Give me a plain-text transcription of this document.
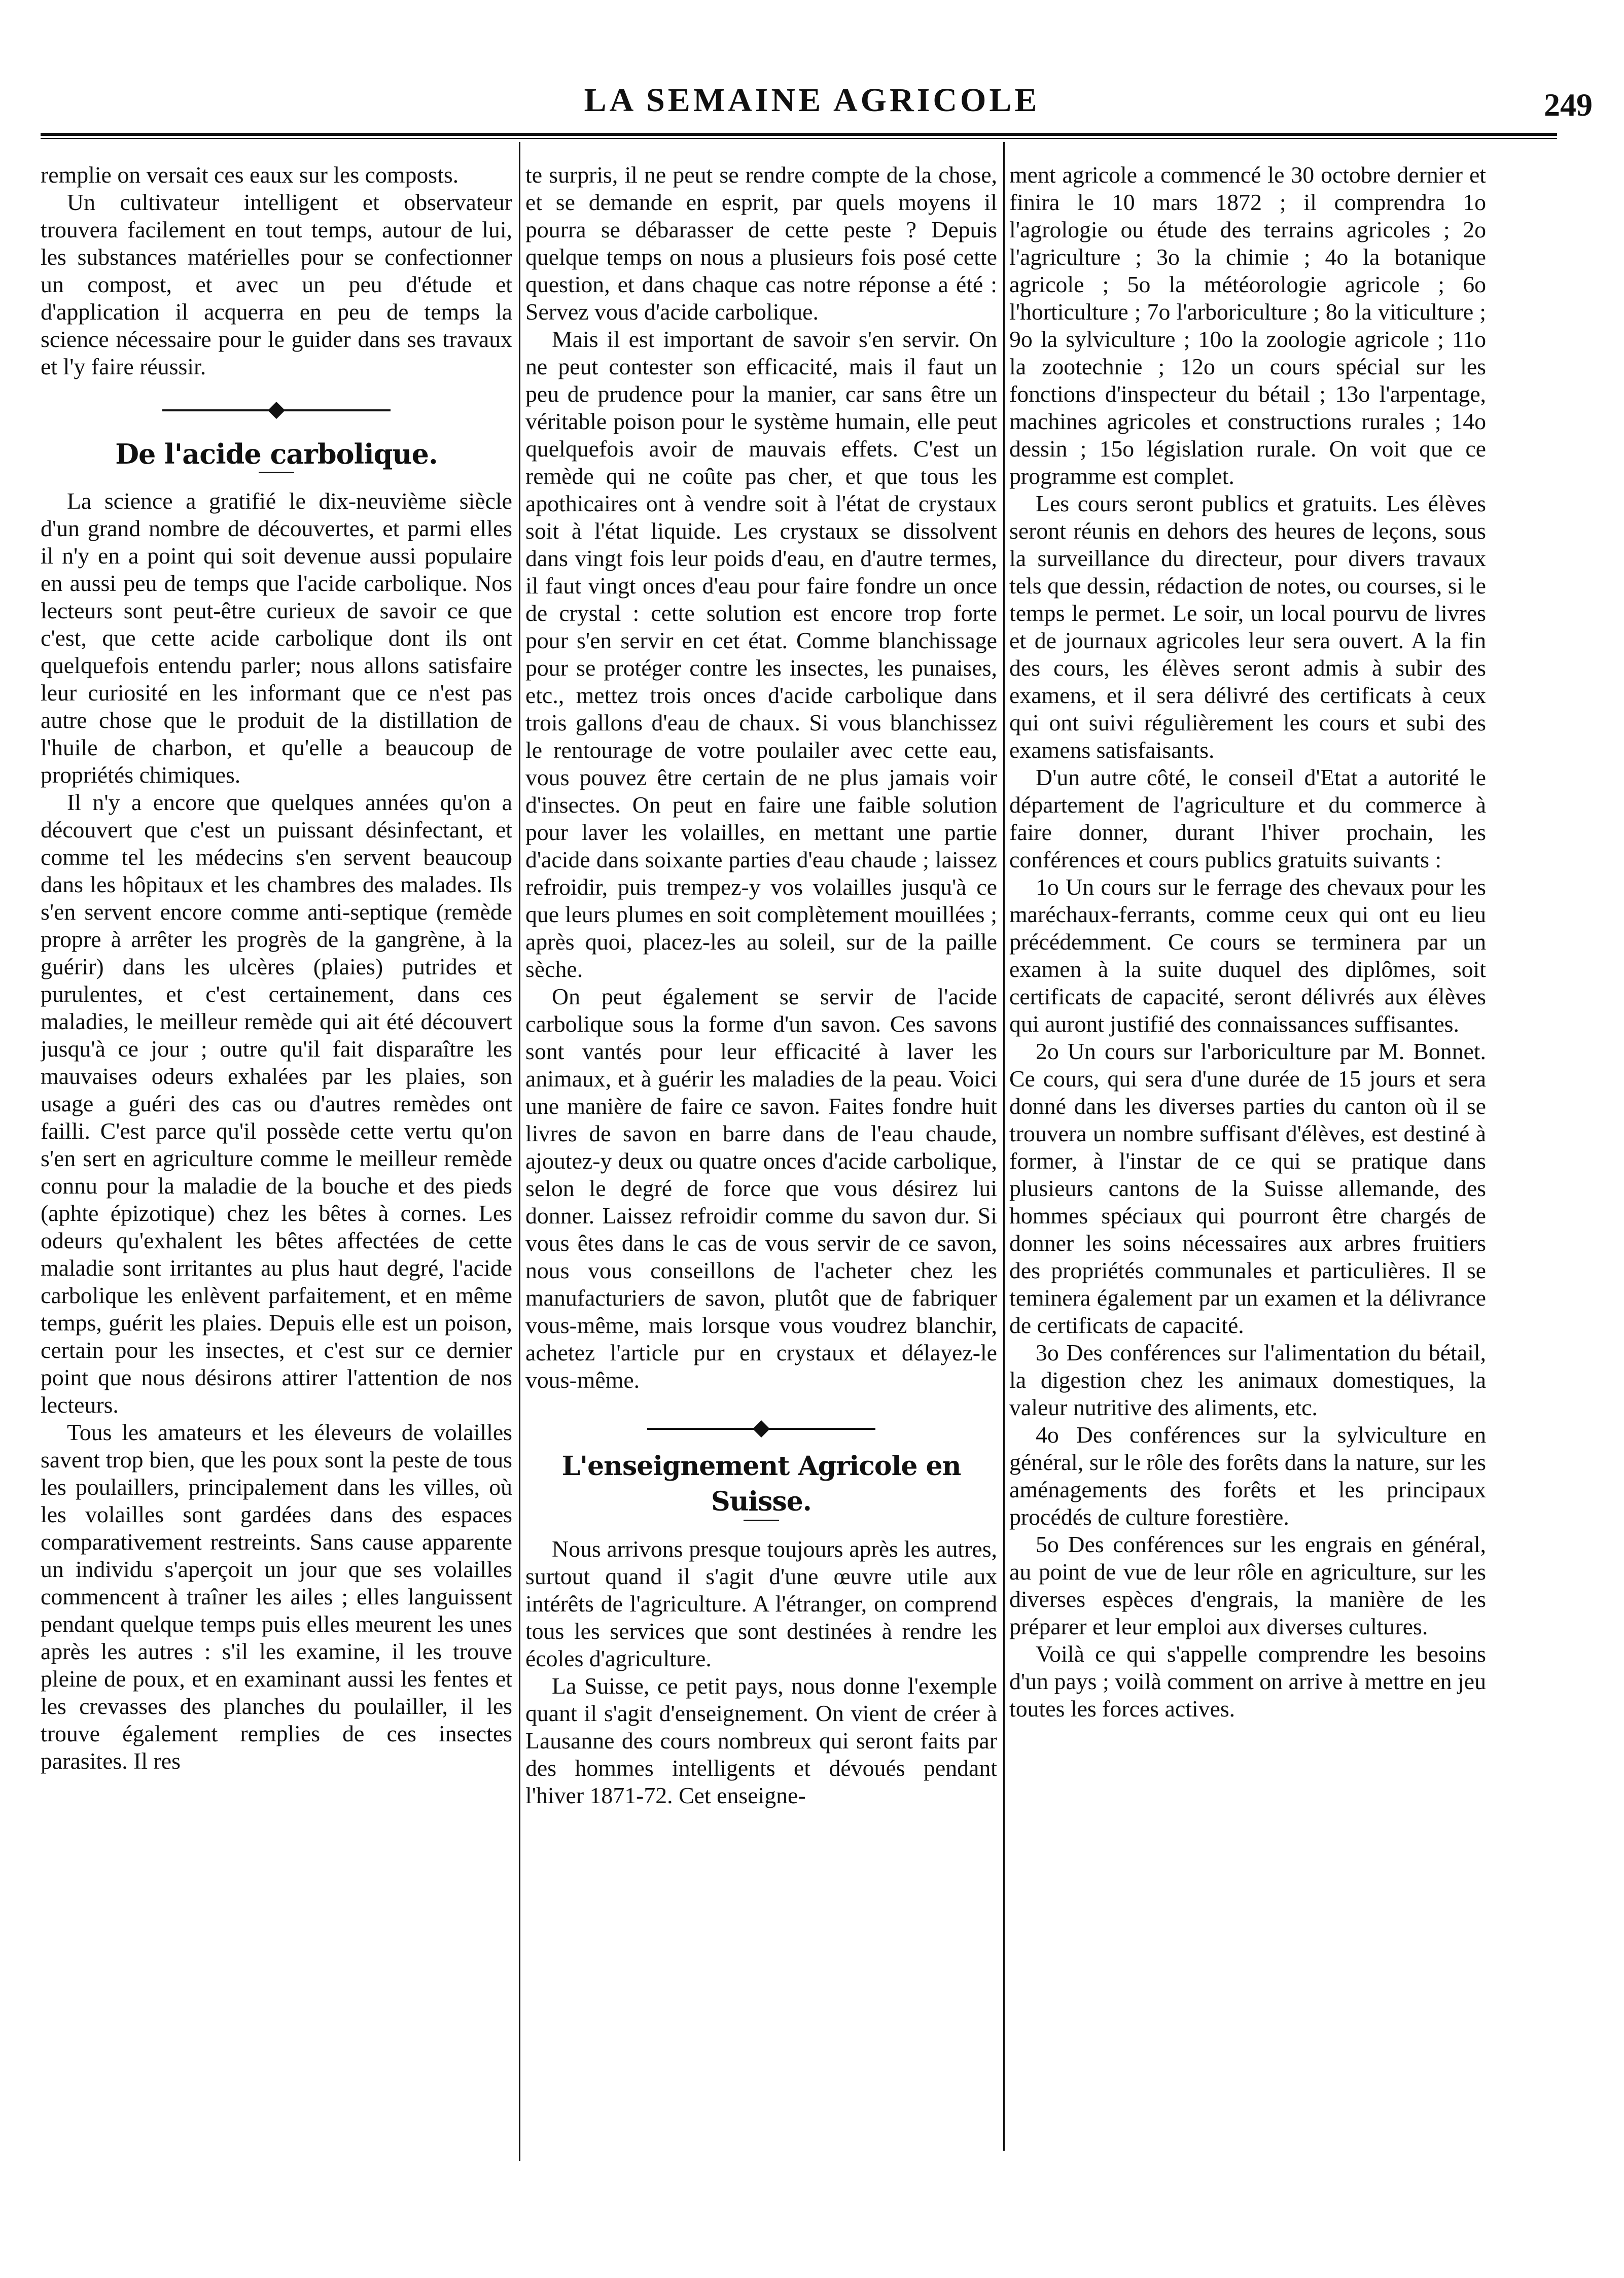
LA SEMAINE AGRICOLE	249

remplie on versait ces eaux sur les composts.

Un cultivateur intelligent et observateur trouvera facilement en tout temps, autour de lui, les substances matérielles pour se confectionner un compost, et avec un peu d'étude et d'application il acquerra en peu de temps la science nécessaire pour le guider dans ses travaux et l'y faire réussir.

De l'acide carbolique.

La science a gratifié le dix-neuvième siècle d'un grand nombre de découvertes, et parmi elles il n'y en a point qui soit devenue aussi populaire en aussi peu de temps que l'acide carbolique. Nos lecteurs sont peut-être curieux de savoir ce que c'est, que cette acide carbolique dont ils ont quelquefois entendu parler; nous allons satisfaire leur curiosité en les informant que ce n'est pas autre chose que le produit de la distillation de l'huile de charbon, et qu'elle a beaucoup de propriétés chimiques.

Il n'y a encore que quelques années qu'on a découvert que c'est un puissant désinfectant, et comme tel les médecins s'en servent beaucoup dans les hôpitaux et les chambres des malades. Ils s'en servent encore comme anti-septique (remède propre à arrêter les progrès de la gangrène, à la guérir) dans les ulcères (plaies) putrides et purulentes, et c'est certainement, dans ces maladies, le meilleur remède qui ait été découvert jusqu'à ce jour ; outre qu'il fait disparaître les mauvaises odeurs exhalées par les plaies, son usage a guéri des cas ou d'autres remèdes ont failli. C'est parce qu'il possède cette vertu qu'on s'en sert en agriculture comme le meilleur remède connu pour la maladie de la bouche et des pieds (aphte épizotique) chez les bêtes à cornes. Les odeurs qu'exhalent les bêtes affectées de cette maladie sont irritantes au plus haut degré, l'acide carbolique les enlèvent parfaitement, et en même temps, guérit les plaies. Depuis elle est un poison, certain pour les insectes, et c'est sur ce dernier point que nous désirons attirer l'attention de nos lecteurs.

Tous les amateurs et les éleveurs de volailles savent trop bien, que les poux sont la peste de tous les poulaillers, principalement dans les villes, où les volailles sont gardées dans des espaces comparativement restreints. Sans cause apparente un individu s'aperçoit un jour que ses volailles commencent à traîner les ailes ; elles languissent pendant quelque temps puis elles meurent les unes après les autres : s'il les examine, il les trouve pleine de poux, et en examinant aussi les fentes et les crevasses des planches du poulailler, il les trouve également remplies de ces insectes parasites. Il res

te surpris, il ne peut se rendre compte de la chose, et se demande en esprit, par quels moyens il pourra se débarasser de cette peste ? Depuis quelque temps on nous a plusieurs fois posé cette question, et dans chaque cas notre réponse a été : Servez vous d'acide carbolique.

Mais il est important de savoir s'en servir. On ne peut contester son efficacité, mais il faut un peu de prudence pour la manier, car sans être un véritable poison pour le système humain, elle peut quelquefois avoir de mauvais effets. C'est un remède qui ne coûte pas cher, et que tous les apothicaires ont à vendre soit à l'état de crystaux soit à l'état liquide. Les crystaux se dissolvent dans vingt fois leur poids d'eau, en d'autre termes, il faut vingt onces d'eau pour faire fondre un once de crystal : cette solution est encore trop forte pour s'en servir en cet état. Comme blanchissage pour se protéger contre les insectes, les punaises, etc., mettez trois onces d'acide carbolique dans trois gallons d'eau de chaux. Si vous blanchissez le rentourage de votre poulailer avec cette eau, vous pouvez être certain de ne plus jamais voir d'insectes. On peut en faire une faible solution pour laver les volailles, en mettant une partie d'acide dans soixante parties d'eau chaude ; laissez refroidir, puis trempez-y vos volailles jusqu'à ce que leurs plumes en soit complètement mouillées ; après quoi, placez-les au soleil, sur de la paille sèche.

On peut également se servir de l'acide carbolique sous la forme d'un savon. Ces savons sont vantés pour leur efficacité à laver les animaux, et à guérir les maladies de la peau. Voici une manière de faire ce savon. Faites fondre huit livres de savon en barre dans de l'eau chaude, ajoutez-y deux ou quatre onces d'acide carbolique, selon le degré de force que vous désirez lui donner. Laissez refroidir comme du savon dur. Si vous êtes dans le cas de vous servir de ce savon, nous vous conseillons de l'acheter chez les manufacturiers de savon, plutôt que de fabriquer vous-même, mais lorsque vous voudrez blanchir, achetez l'article pur en crystaux et délayez-le vous-même.

L'enseignement Agricole en Suisse.

Nous arrivons presque toujours après les autres, surtout quand il s'agit d'une œuvre utile aux intérêts de l'agriculture. A l'étranger, on comprend tous les services que sont destinées à rendre les écoles d'agriculture.

La Suisse, ce petit pays, nous donne l'exemple quant il s'agit d'enseignement. On vient de créer à Lausanne des cours nombreux qui seront faits par des hommes intelligents et dévoués pendant l'hiver 1871-72. Cet enseigne-

ment agricole a commencé le 30 octobre dernier et finira le 10 mars 1872 ; il comprendra 1o l'agrologie ou étude des terrains agricoles ; 2o l'agriculture ; 3o la chimie ; 4o la botanique agricole ; 5o la météorologie agricole ; 6o l'horticulture ; 7o l'arboriculture ; 8o la viticulture ; 9o la sylviculture ; 10o la zoologie agricole ; 11o la zootechnie ; 12o un cours spécial sur les fonctions d'inspecteur du bétail ; 13o l'arpentage, machines agricoles et constructions rurales ; 14o dessin ; 15o législation rurale. On voit que ce programme est complet.

Les cours seront publics et gratuits. Les élèves seront réunis en dehors des heures de leçons, sous la surveillance du directeur, pour divers travaux tels que dessin, rédaction de notes, ou courses, si le temps le permet. Le soir, un local pourvu de livres et de journaux agricoles leur sera ouvert. A la fin des cours, les élèves seront admis à subir des examens, et il sera délivré des certificats à ceux qui ont suivi régulièrement les cours et subi des examens satisfaisants.

D'un autre côté, le conseil d'Etat a autorité le département de l'agriculture et du commerce à faire donner, durant l'hiver prochain, les conférences et cours publics gratuits suivants :

1o Un cours sur le ferrage des chevaux pour les maréchaux-ferrants, comme ceux qui ont eu lieu précédemment. Ce cours se terminera par un examen à la suite duquel des diplômes, soit certificats de capacité, seront délivrés aux élèves qui auront justifié des connaissances suffisantes.

2o Un cours sur l'arboriculture par M. Bonnet. Ce cours, qui sera d'une durée de 15 jours et sera donné dans les diverses parties du canton où il se trouvera un nombre suffisant d'élèves, est destiné à former, à l'instar de ce qui se pratique dans plusieurs cantons de la Suisse allemande, des hommes spéciaux qui pourront être chargés de donner les soins nécessaires aux arbres fruitiers des propriétés communales et particulières. Il se teminera également par un examen et la délivrance de certificats de capacité.

3o Des conférences sur l'alimentation du bétail, la digestion chez les animaux domestiques, la valeur nutritive des aliments, etc.

4o Des conférences sur la sylviculture en général, sur le rôle des forêts dans la nature, sur les aménagements des forêts et les principaux procédés de culture forestière.

5o Des conférences sur les engrais en général, au point de vue de leur rôle en agriculture, sur les diverses espèces d'engrais, la manière de les préparer et leur emploi aux diverses cultures.

Voilà ce qui s'appelle comprendre les besoins d'un pays ; voilà comment on arrive à mettre en jeu toutes les forces actives.
